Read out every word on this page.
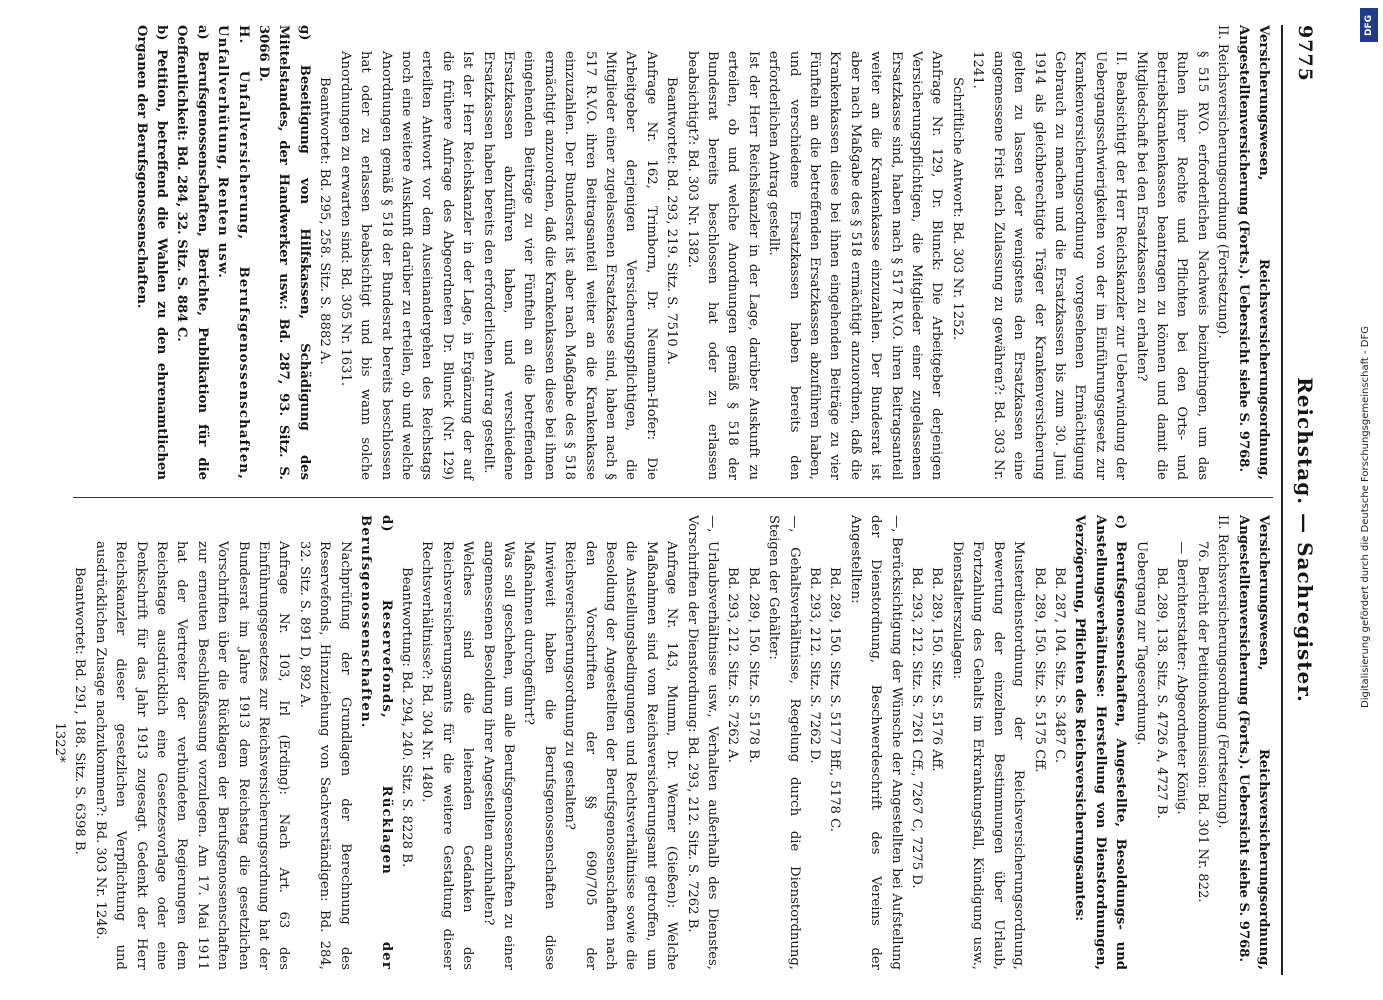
9775
Reichstag. — Sachregister.

Versicherungswesen, Reichsversicherungsordnung, Angestelltenversicherung (Forts.). Uebersicht siehe S. 9768.

II. Reichsversicherungsordnung (Fortsetzung).

§ 515 RVO. erforderlichen Nachweis beizubringen, um das Ruhen ihrer Rechte und Pflichten bei den Orts- und Betriebskrankenkassen beantragen zu können und damit die Mitgliedschaft bei den Ersatzkassen zu erhalten?

II. Beabsichtigt der Herr Reichskanzler zur Ueberwindung der Uebergangsschwierigkeiten von der im Einführungsgesetz zur Krankenversicherungsordnung vorgesehenen Ermächtigung Gebrauch zu machen und die Ersatzkassen bis zum 30. Juni 1914 als gleichberechtigte Träger der Krankenversicherung gelten zu lassen oder wenigstens den Ersatzkassen eine angemessene Frist nach Zulassung zu gewähren?: Bd. 303 Nr. 1241.

Schriftliche Antwort: Bd. 303 Nr. 1252.

Anfrage Nr. 129, Dr. Blunck: Die Arbeitgeber derjenigen Versicherungspflichtigen, die Mitglieder einer zugelassenen Ersatzkasse sind, haben nach § 517 R.V.O. ihren Beitragsanteil weiter an die Krankenkasse einzuzahlen. Der Bundesrat ist aber nach Maßgabe des § 518 ermächtigt anzuordnen, daß die Krankenkassen diese bei ihnen eingehenden Beiträge zu vier Fünfteln an die betreffenden Ersatzkassen abzuführen haben, und verschiedene Ersatzkassen haben bereits den erforderlichen Antrag gestellt.

Ist der Herr Reichskanzler in der Lage, darüber Auskunft zu erteilen, ob und welche Anordnungen gemäß § 518 der Bundesrat bereits beschlossen hat oder zu erlassen beabsichtigt?: Bd. 303 Nr. 1382.

Beantwortet: Bd. 293, 219. Sitz. S. 7510 A.

Anfrage Nr. 162, Trimborn, Dr. Neumann-Hofer: Die Arbeitgeber derjenigen Versicherungspflichtigen, die Mitglieder einer zugelassenen Ersatzkasse sind, haben nach § 517 R.V.O. ihren Beitragsanteil weiter an die Krankenkasse einzuzahlen. Der Bundesrat ist aber nach Maßgabe des § 518 ermächtigt anzuordnen, daß die Krankenkassen diese bei ihnen eingehenden Beiträge zu vier Fünfteln an die betreffenden Ersatzkassen abzuführen haben, und verschiedene Ersatzkassen haben bereits den erforderlichen Antrag gestellt.

Ist der Herr Reichskanzler in der Lage, in Ergänzung der auf die frühere Anfrage des Abgeordneten Dr. Blunck (Nr. 129) erteilten Antwort vor dem Auseinandergehen des Reichstags noch eine weitere Auskunft darüber zu erteilen, ob und welche Anordnungen gemäß § 518 der Bundesrat bereits beschlossen hat oder zu erlassen beabsichtigt und bis wann solche Anordnungen zu erwarten sind: Bd. 305 Nr. 1631.

Beantwortet: Bd. 295, 258. Sitz. S. 8882 A.

g) Beseitigung von Hilfskassen, Schädigung des Mittelstandes, der Handwerker usw.: Bd. 287, 93. Sitz. S. 3066 D.

H. Unfallversicherung, Berufsgenossenschaften, Unfallverhütung, Renten usw.

a) Berufsgenossenschaften, Berichte, Publikation für die Oeffentlichkeit: Bd. 284, 32. Sitz. S. 884 C.

b) Petition, betreffend die Wahlen zu den ehrenamtlichen Organen der Berufsgenossenschaften.

Versicherungswesen, Reichsversicherungsordnung, Angestelltenversicherung (Forts.). Uebersicht siehe S. 9768.

II. Reichsversicherungsordnung (Fortsetzung).

76. Bericht der Petitionskommission: Bd. 301 Nr. 822.

— Berichterstatter: Abgeordneter König.

Bd. 289, 138. Sitz. S. 4726 A, 4727 B.

Uebergang zur Tagesordnung.

c) Berufsgenossenschaften, Angestellte, Besoldungs- und Anstellungsverhältnisse: Herstellung von Dienstordnungen, Verzögerung, Pflichten des Reichsversicherungsamtes:

Bd. 287, 104. Sitz. S. 3487 C.

Bd. 289, 150. Sitz. S. 5175 Cff.

Musterdienstordnung der Reichsversicherungsordnung, Bewertung der einzelnen Bestimmungen über Urlaub, Fortzahlung des Gehalts im Erkrankungsfall, Kündigung usw., Dienstalterszulagen:

Bd. 289, 150. Sitz. S. 5176 Aff.

Bd. 293, 212. Sitz. S. 7261 Cff., 7267 C, 7275 D.

—, Berücksichtigung der Wünsche der Angestellten bei Aufstellung der Dienstordnung, Beschwerdeschrift des Vereins der Angestellten:

Bd. 289, 150. Sitz. S. 5177 Bff., 5178 C.

Bd. 293, 212. Sitz. S. 7262 D.

—, Gehaltsverhältnisse, Regelung durch die Dienstordnung, Steigen der Gehälter:

Bd. 289, 150. Sitz. S. 5178 B.

Bd. 293, 212. Sitz. S. 7262 A.

—, Urlaubsverhältnisse usw., Verhalten außerhalb des Dienstes, Vorschriften der Dienstordnung: Bd. 293, 212. Sitz. S. 7262 B.

Anfrage Nr. 143, Mumm, Dr. Werner (Gießen): Welche Maßnahmen sind vom Reichsversicherungsamt getroffen, um die Anstellungsbedingungen und Rechtsverhältnisse sowie die Besoldung der Angestellten der Berufsgenossenschaften nach den Vorschriften der §§ 690/705 der Reichsversicherungsordnung zu gestalten?

Inwieweit haben die Berufsgenossenschaften diese Maßnahmen durchgeführt?

Was soll geschehen, um alle Berufsgenossenschaften zu einer angemessenen Besoldung ihrer Angestellten anzuhalten?

Welches sind die leitenden Gedanken des Reichsversicherungsamts für die weitere Gestaltung dieser Rechtsverhältnisse?: Bd. 304 Nr. 1480.

Beantwortung: Bd. 294, 240. Sitz. S. 8228 B.

d) Reservefonds, Rücklagen der Berufsgenossenschaften.

Nachprüfung der Grundlagen der Berechnung des Reservefonds, Hinzuziehung von Sachverständigen: Bd. 284, 32. Sitz. S. 891 D, 892 A.

Anfrage Nr. 103, Irl (Erding): Nach Art. 63 des Einführungsgesetzes zur Reichsversicherungsordnung hat der Bundesrat im Jahre 1913 dem Reichstag die gesetzlichen Vorschriften über die Rücklagen der Berufsgenossenschaften zur erneuten Beschlußfassung vorzulegen. Am 17. Mai 1911 hat der Vertreter der verbündeten Regierungen dem Reichstage ausdrücklich eine Gesetzesvorlage oder eine Denkschrift für das Jahr 1913 zugesagt. Gedenkt der Herr Reichskanzler dieser gesetzlichen Verpflichtung und ausdrücklichen Zusage nachzukommen?: Bd. 303 Nr. 1246.

Beantwortet: Bd. 291, 188. Sitz. S. 6398 B.

1322*

DFG
Digitalisierung gefördert durch die Deutsche Forschungsgemeinschaft - DFG
